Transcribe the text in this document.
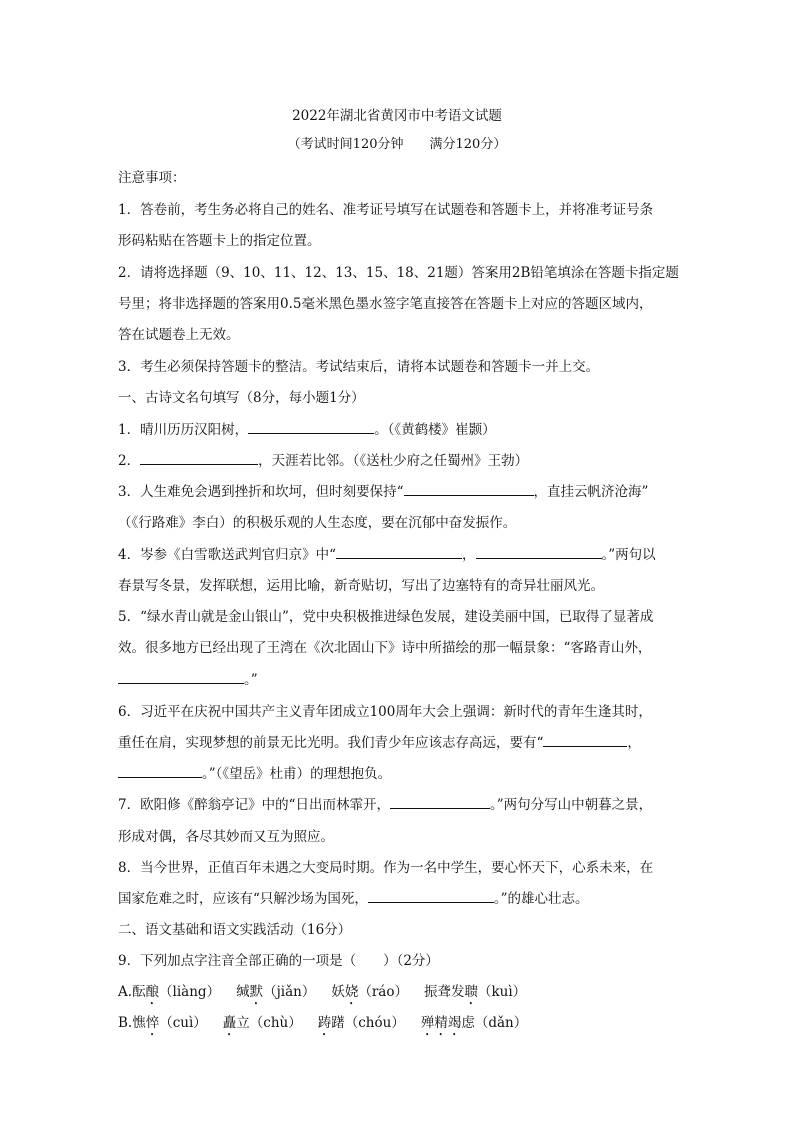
2022年湖北省黄冈市中考语文试题
（考试时间120分钟 满分120分）
注意事项：
1．答卷前，考生务必将自己的姓名、准考证号填写在试题卷和答题卡上，并将准考证号条
形码粘贴在答题卡上的指定位置。
2．请将选择题（9、10、11、12、13、15、18、21题）答案用2B铅笔填涂在答题卡指定题
号里；将非选择题的答案用0.5毫米黑色墨水签字笔直接答在答题卡上对应的答题区域内，
答在试题卷上无效。
3．考生必须保持答题卡的整洁。考试结束后，请将本试题卷和答题卡一并上交。
一、古诗文名句填写（8分，每小题1分）
1．晴川历历汉阳树，	。（《黄鹤楼》崔颢）
2．	，天涯若比邻。（《送杜少府之任蜀州》王勃）
3．人生难免会遇到挫折和坎坷，但时刻要保持“	，直挂云帆济沧海”
（《行路难》李白）的积极乐观的人生态度，要在沉郁中奋发振作。
4．岑参《白雪歌送武判官归京》中“	，	。”两句以
春景写冬景，发挥联想，运用比喻，新奇贴切，写出了边塞特有的奇异壮丽风光。
5．“绿水青山就是金山银山”，党中央积极推进绿色发展，建设美丽中国，已取得了显著成
效。很多地方已经出现了王湾在《次北固山下》诗中所描绘的那一幅景象：“客路青山外，
。”
6．习近平在庆祝中国共产主义青年团成立100周年大会上强调：新时代的青年生逢其时，
重任在肩，实现梦想的前景无比光明。我们青少年应该志存高远，要有“	，
。”（《望岳》杜甫）的理想抱负。
7．欧阳修《醉翁亭记》中的“日出而林霏开，	。”两句分写山中朝暮之景，
形成对偶，各尽其妙而又互为照应。
8．当今世界，正值百年未遇之大变局时期。作为一名中学生，要心怀天下，心系未来，在
国家危难之时，应该有“只解沙场为国死，	。”的雄心壮志。
二、语文基础和语文实践活动（16分）
9．下列加点字注音全部正确的一项是（　　）（2分）
A.酝酿（liàng） 缄默（jiǎn） 妖娆（ráo） 振聋发聩（kuì）
B.憔悴（cuì） 矗立（chù） 踌躇（chóu） 殚精竭虑（dǎn）
